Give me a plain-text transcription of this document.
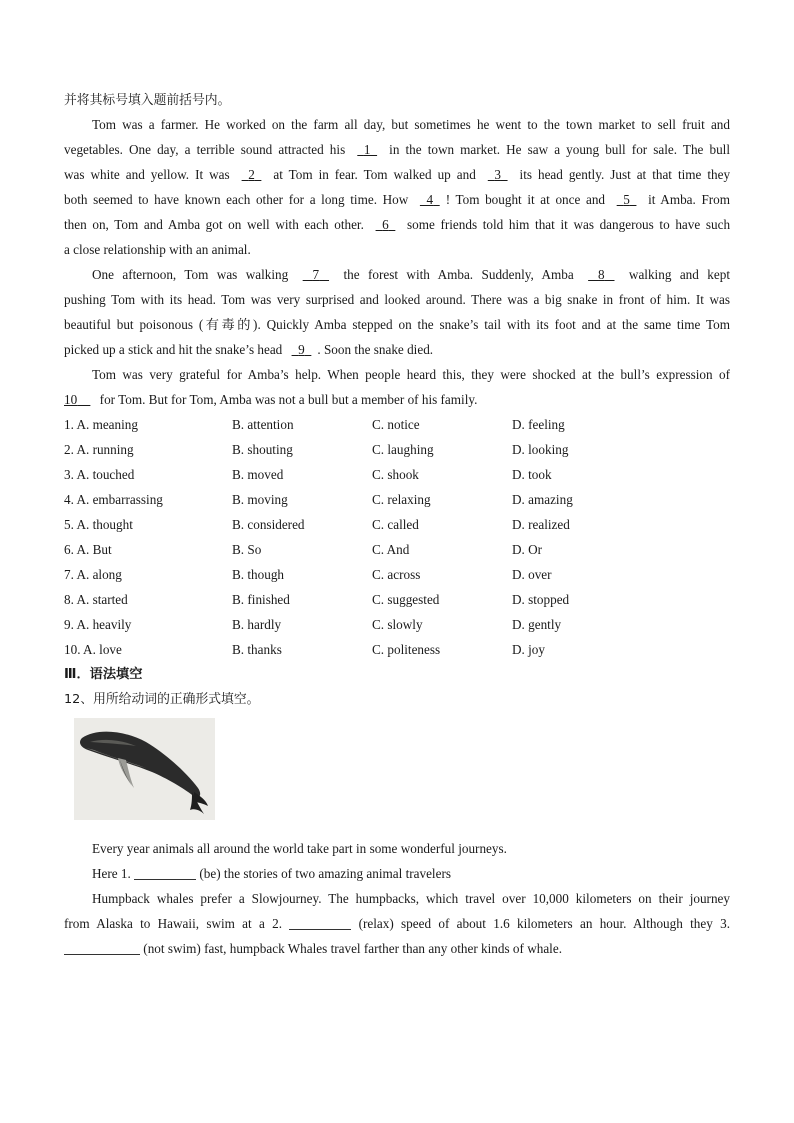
并将其标号填入题前括号内。
Tom was a farmer. He worked on the farm all day, but sometimes he went to the town market to sell fruit and
vegetables. One day, a terrible sound attracted his 1 in the town market. He saw a young bull for sale. The bull
was white and yellow. It was 2 at Tom in fear. Tom walked up and 3 its head gently. Just at that time they
both seemed to have known each other for a long time. How 4 ! Tom bought it at once and 5 it Amba. From
then on, Tom and Amba got on well with each other. 6 some friends told him that it was dangerous to have such
a close relationship with an animal.
One afternoon, Tom was walking 7 the forest with Amba. Suddenly, Amba 8 walking and kept
pushing Tom with its head. Tom was very surprised and looked around. There was a big snake in front of him. It was
beautiful but poisonous (有毒的). Quickly Amba stepped on the snake’s tail with its foot and at the same time Tom
picked up a stick and hit the snake’s head 9 . Soon the snake died.
Tom was very grateful for Amba’s help. When people heard this, they were shocked at the bull’s expression of
10 for Tom. But for Tom, Amba was not a bull but a member of his family.
1. A. meaning	B. attention	C. notice	D. feeling
2. A. running	B. shouting	C. laughing	D. looking
3. A. touched	B. moved	C. shook	D. took
4. A. embarrassing	B. moving	C. relaxing	D. amazing
5. A. thought	B. considered	C. called	D. realized
6. A. But	B. So	C. And	D. Or
7. A. along	B. though	C. across	D. over
8. A. started	B. finished	C. suggested	D. stopped
9. A. heavily	B. hardly	C. slowly	D. gently
10. A. love	B. thanks	C. politeness	D. joy
Ⅲ．语法填空
12、用所给动词的正确形式填空。
Every year animals all around the world take part in some wonderful journeys.
Here 1.	(be) the stories of two amazing animal travelers
Humpback whales prefer a Slowjourney. The humpbacks, which travel over 10,000 kilometers on their journey
from Alaska to Hawaii, swim at a 2.	(relax) speed of about 1.6 kilometers an hour. Although they 3.
(not swim) fast, humpback Whales travel farther than any other kinds of whale.
